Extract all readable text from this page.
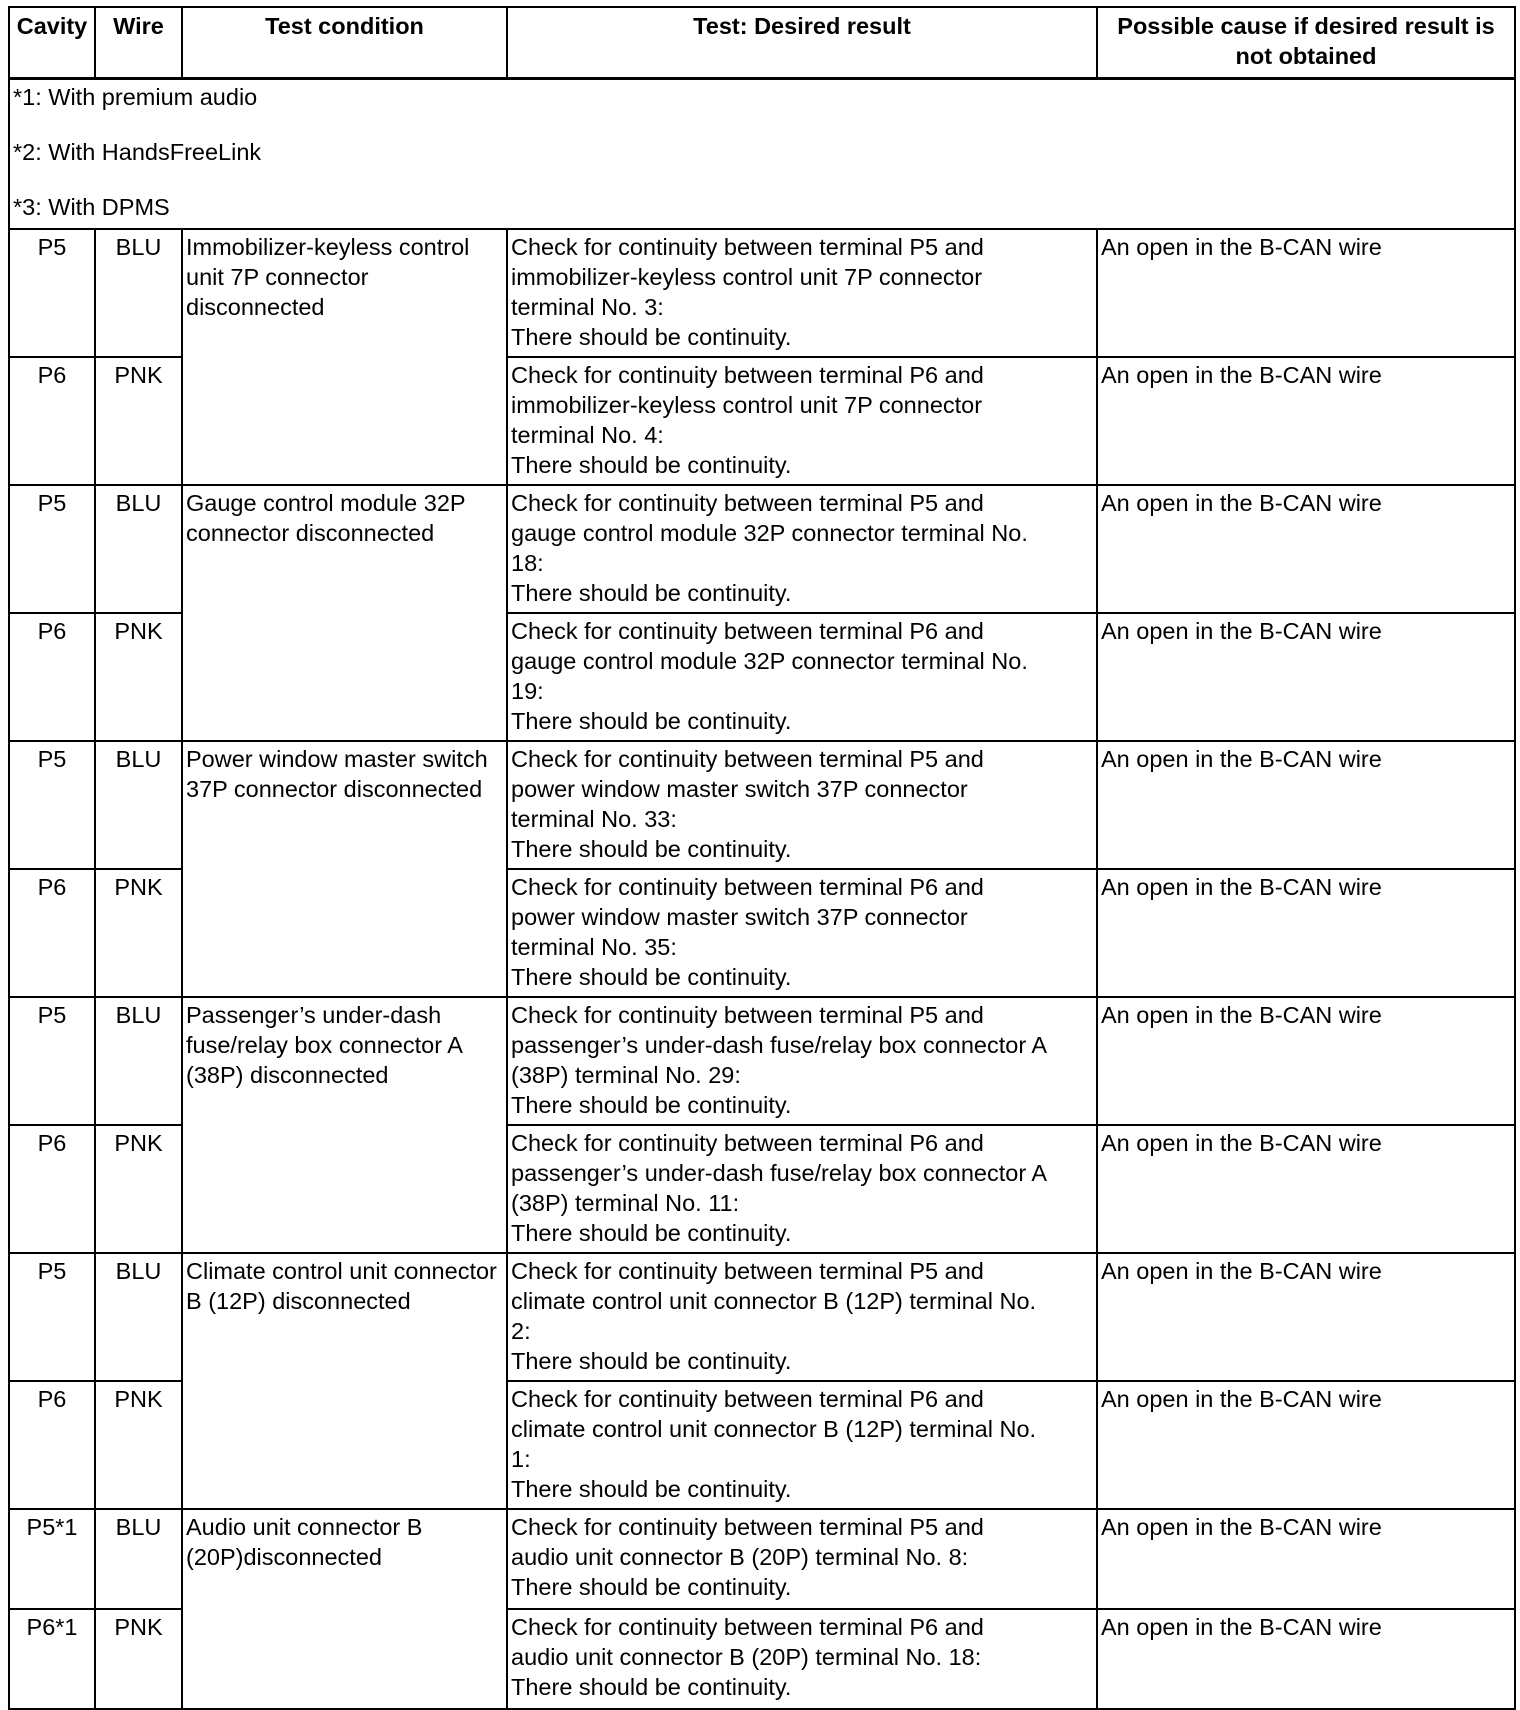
Cavity	Wire	Test condition	Test: Desired result	Possible cause if desired result is
not obtained

*1: With premium audio
*2: With HandsFreeLink
*3: With DPMS				

P5	BLU	Immobilizer-keyless control unit 7P connector disconnected	Check for continuity between terminal P5 and
immobilizer-keyless control unit 7P connector
terminal No. 3:
There should be continuity.	An open in the B-CAN wire
P6	PNK		Check for continuity between terminal P6 and
immobilizer-keyless control unit 7P connector
terminal No. 4:
There should be continuity.	An open in the B-CAN wire
P5	BLU	Gauge control module 32P connector disconnected	Check for continuity between terminal P5 and
gauge control module 32P connector terminal No.
18:
There should be continuity.	An open in the B-CAN wire
P6	PNK		Check for continuity between terminal P6 and
gauge control module 32P connector terminal No.
19:
There should be continuity.	An open in the B-CAN wire
P5	BLU	Power window master switch 37P connector disconnected	Check for continuity between terminal P5 and
power window master switch 37P connector
terminal No. 33:
There should be continuity.	An open in the B-CAN wire
P6	PNK		Check for continuity between terminal P6 and
power window master switch 37P connector
terminal No. 35:
There should be continuity.	An open in the B-CAN wire
P5	BLU	Passenger’s under-dash fuse/relay box connector A (38P) disconnected	Check for continuity between terminal P5 and
passenger’s under-dash fuse/relay box connector A
(38P) terminal No. 29:
There should be continuity.	An open in the B-CAN wire
P6	PNK		Check for continuity between terminal P6 and
passenger’s under-dash fuse/relay box connector A
(38P) terminal No. 11:
There should be continuity.	An open in the B-CAN wire
P5	BLU	Climate control unit connector B (12P) disconnected	Check for continuity between terminal P5 and
climate control unit connector B (12P) terminal No.
2:
There should be continuity.	An open in the B-CAN wire
P6	PNK		Check for continuity between terminal P6 and
climate control unit connector B (12P) terminal No.
1:
There should be continuity.	An open in the B-CAN wire
P5*1	BLU	Audio unit connector B (20P)disconnected	Check for continuity between terminal P5 and
audio unit connector B (20P) terminal No. 8:
There should be continuity.	An open in the B-CAN wire
P6*1	PNK		Check for continuity between terminal P6 and
audio unit connector B (20P) terminal No. 18:
There should be continuity.	An open in the B-CAN wire
